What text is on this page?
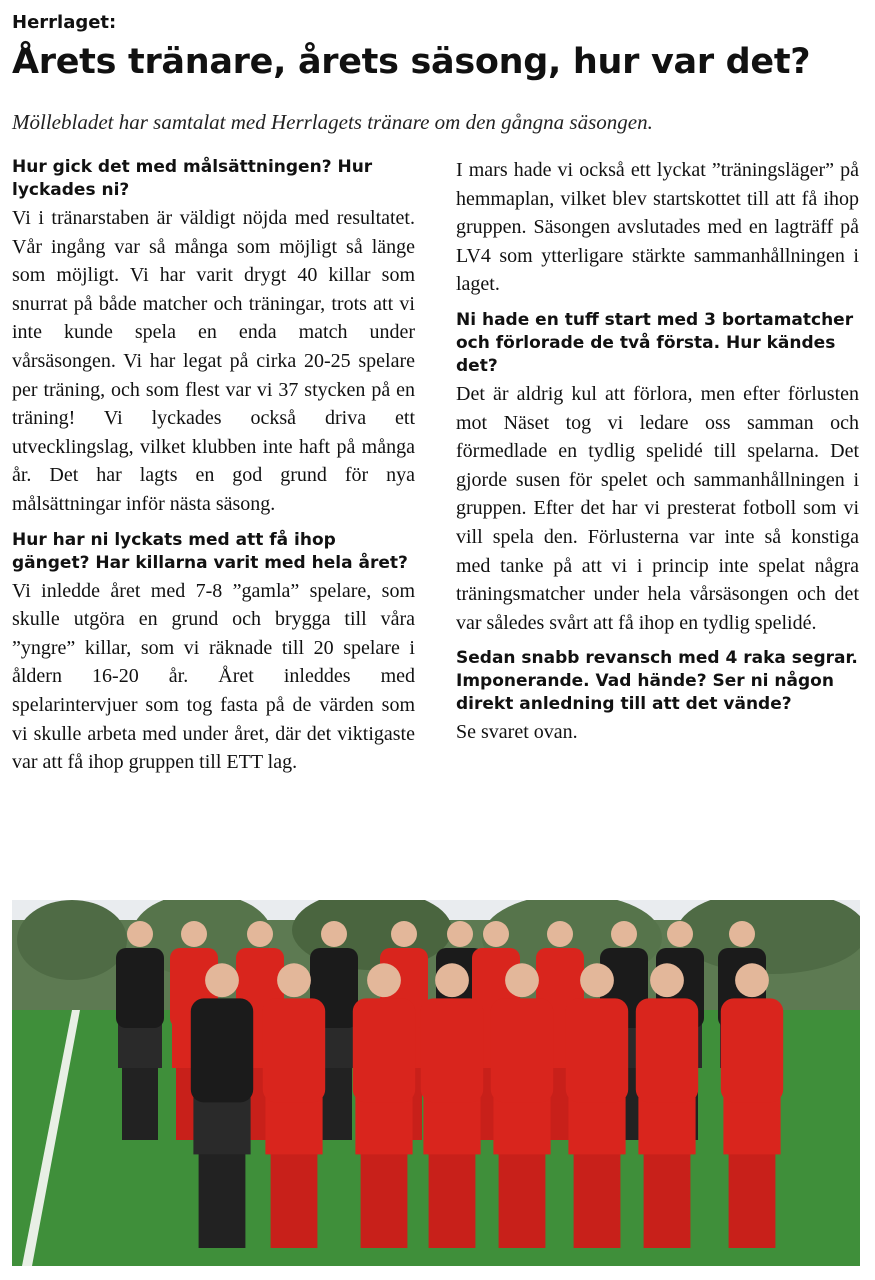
Herrlaget:
Årets tränare, årets säsong, hur var det?
Möllebladet har samtalat med Herrlagets tränare om den gångna säsongen.
Hur gick det med målsättningen? Hur lyckades ni?

Vi i tränarstaben är väldigt nöjda med resultatet. Vår ingång var så många som möjligt så länge som möjligt. Vi har varit drygt 40 killar som snurrat på både matcher och träningar, trots att vi inte kunde spela en enda match under vårsäsongen. Vi har legat på cirka 20-25 spelare per träning, och som flest var vi 37 stycken på en träning! Vi lyckades också driva ett utvecklingslag, vilket klubben inte haft på många år. Det har lagts en god grund för nya målsättningar inför nästa säsong.

Hur har ni lyckats med att få ihop gänget? Har killarna varit med hela året?

Vi inledde året med 7-8 ”gamla” spelare, som skulle utgöra en grund och brygga till våra ”yngre” killar, som vi räknade till 20 spelare i åldern 16-20 år. Året inleddes med spelarintervjuer som tog fasta på de värden som vi skulle arbeta med under året, där det viktigaste var att få ihop gruppen till ETT lag.

I mars hade vi också ett lyckat ”träningsläger” på hemmaplan, vilket blev startskottet till att få ihop gruppen. Säsongen avslutades med en lagträff på LV4 som ytterligare stärkte sammanhållningen i laget.

Ni hade en tuff start med 3 bortamatcher och förlorade de två första. Hur kändes det?

Det är aldrig kul att förlora, men efter förlusten mot Näset tog vi ledare oss samman och förmedlade en tydlig spelidé till spelarna. Det gjorde susen för spelet och sammanhållningen i gruppen. Efter det har vi presterat fotboll som vi vill spela den. Förlusterna var inte så konstiga med tanke på att vi i princip inte spelat några träningsmatcher under hela vårsäsongen och det var således svårt att få ihop en tydlig spelidé.

Sedan snabb revansch med 4 raka segrar. Imponerande. Vad hände? Ser ni någon direkt anledning till att det vände?

Se svaret ovan.
